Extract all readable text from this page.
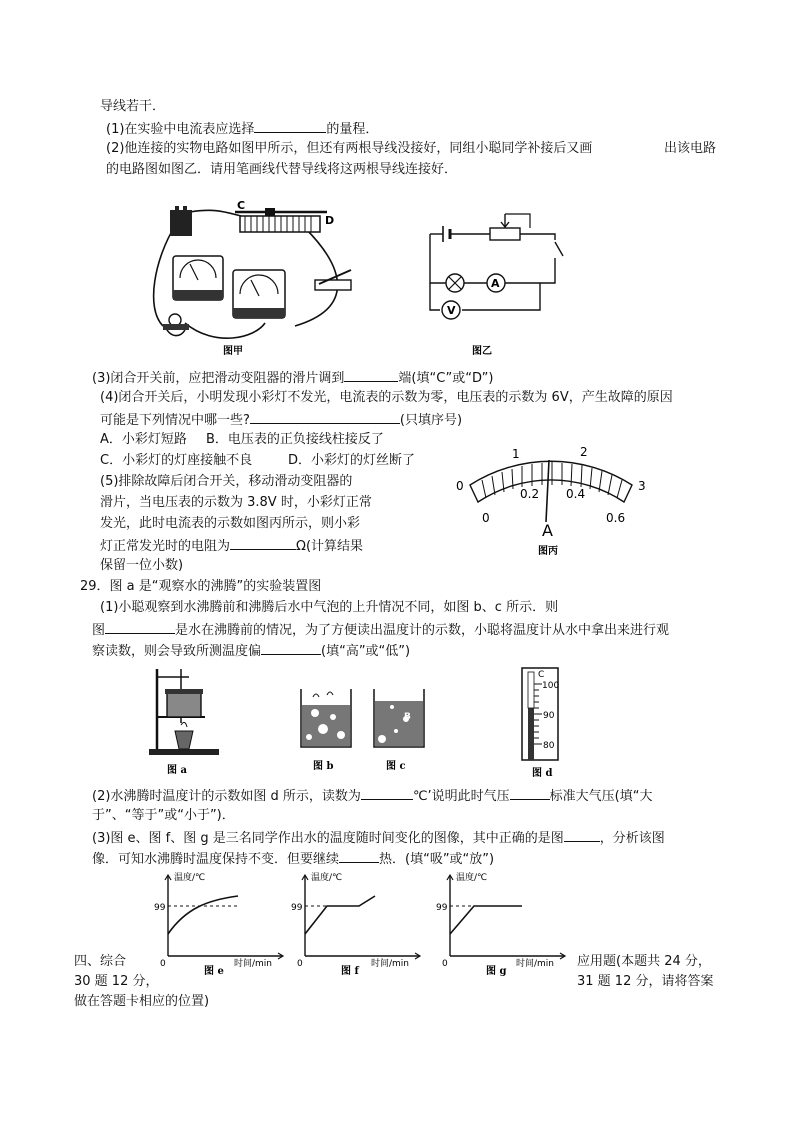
导线若干．
(1)在实验中电流表应选择	的量程．
(2)他连接的实物电路如图甲所示，但还有两根导线没接好，同组小聪同学补接后又画	出该电路
的电路图如图乙．请用笔画线代替导线将这两根导线连接好．
C
D
图甲
A
V
图乙
(3)闭合开关前，应把滑动变阻器的滑片调到	端(填“C”或“D”)
(4)闭合开关后，小明发现小彩灯不发光，电流表的示数为零，电压表的示数为 6V，产生故障的原因
可能是下列情况中哪一些?	(只填序号)
A．小彩灯短路 B．电压表的正负接线柱接反了
C．小彩灯的灯座接触不良	D．小彩灯的灯丝断了
(5)排除故障后闭合开关，移动滑动变阻器的
滑片，当电压表的示数为 3.8V 时，小彩灯正常
发光，此时电流表的示数如图丙所示，则小彩
灯正常发光时的电阻为	Ω(计算结果
保留一位小数)
0
1	2
3
0
0.2 0.4
0.6
A
图丙
29．图 a 是“观察水的沸腾”的实验装置图
(1)小聪观察到水沸腾前和沸腾后水中气泡的上升情况不同，如图 b、c 所示．则
图	是水在沸腾前的情况，为了方便读出温度计的示数，小聪将温度计从水中拿出来进行观
察读数，则会导致所测温度偏	(填“高”或“低”)
图 a	图 b
B
图 c
C
100
90
80
图 d
(2)水沸腾时温度计的示数如图 d 所示，读数为	℃’说明此时气压	标准大气压(填“大
于”、“等于”或“小于”)．
(3)图 e、图 f、图 g 是三名同学作出水的温度随时间变化的图像，其中正确的是图	，分析该图
像．可知水沸腾时温度保持不变．但要继续	热．(填“吸”或“放”)
温度/℃
99
0	时间/min
图 e
温度/℃
99
0	时间/min
图 f
温度/℃
99
0	时间/min
图 g
四、综合	应用题(本题共 24 分，
30 题 12 分，	31 题 12 分，请将答案
做在答题卡相应的位置)
